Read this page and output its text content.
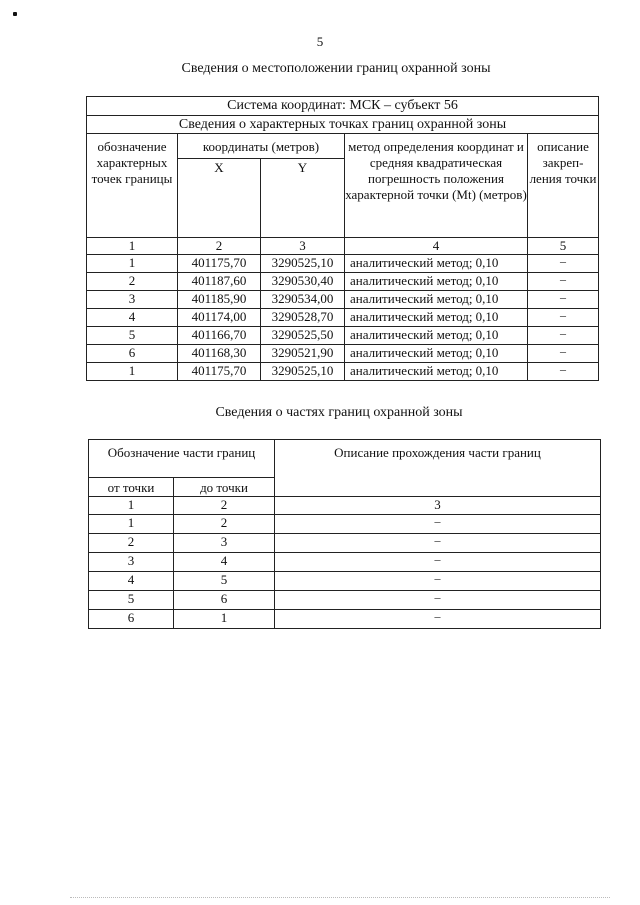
5
Сведения о местоположении границ охранной зоны
Система координат: МСК – субъект 56				
Сведения о характерных точках границ охранной зоны				
обозначение характерных точек границы	координаты (метров)		метод определения координат и средняя квадратическая погрешность положения характерной точки (Mt) (метров)	описание закреп-ления точки
	X	Y		
1	2	3	4	5
1	401175,70	3290525,10	аналитический метод; 0,10	–
2	401187,60	3290530,40	аналитический метод; 0,10	–
3	401185,90	3290534,00	аналитический метод; 0,10	–
4	401174,00	3290528,70	аналитический метод; 0,10	–
5	401166,70	3290525,50	аналитический метод; 0,10	–
6	401168,30	3290521,90	аналитический метод; 0,10	–
1	401175,70	3290525,10	аналитический метод; 0,10	–
Сведения о частях границ охранной зоны
Обозначение части границ		Описание прохождения части границ
от точки	до точки	
1	2	3
1	2	–
2	3	–
3	4	–
4	5	–
5	6	–
6	1	–
